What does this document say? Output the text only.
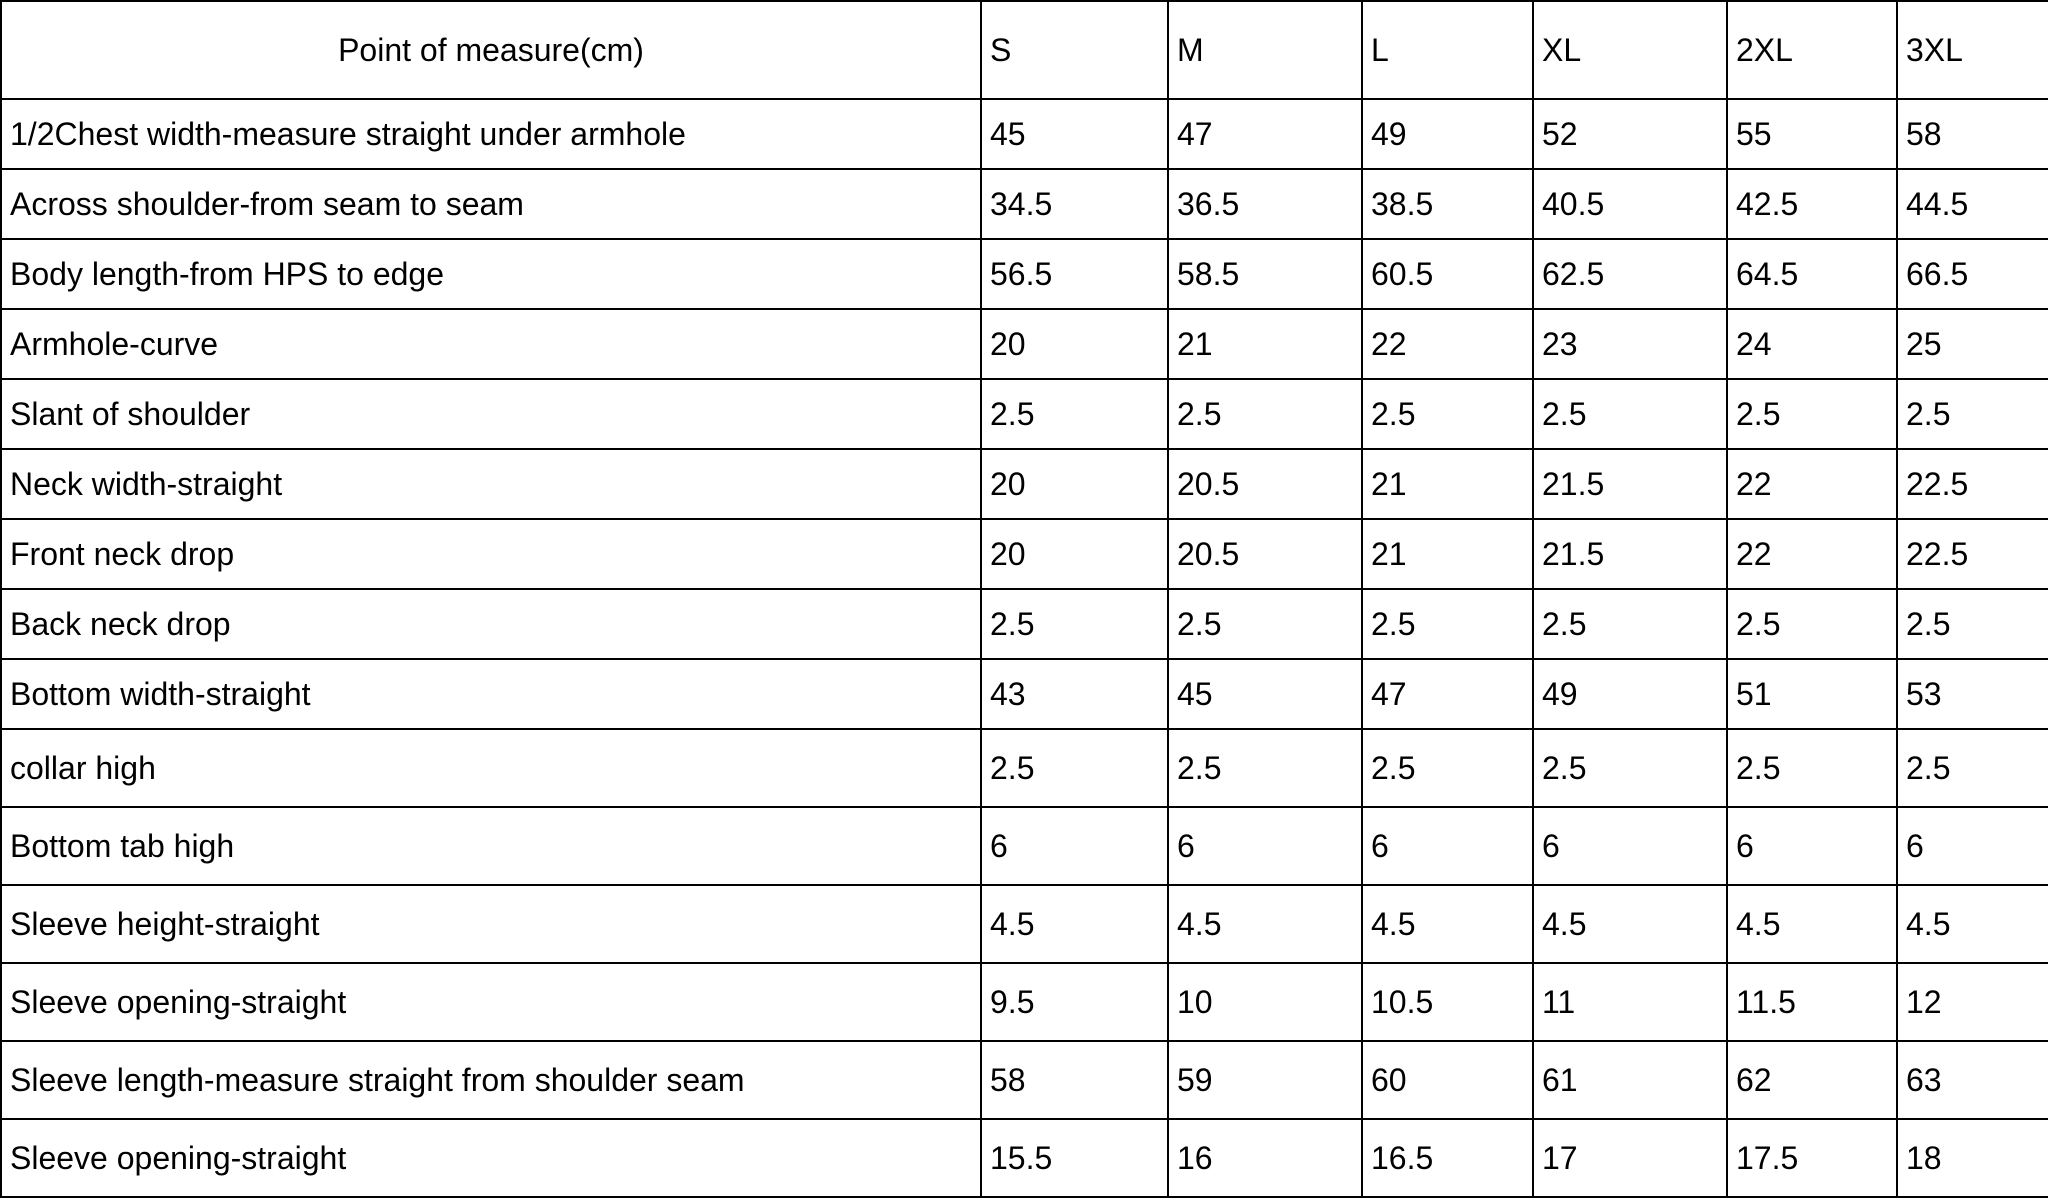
Point of measure(cm)	S	M	L	XL	2XL	3XL
1/2Chest width-measure straight under armhole	45	47	49	52	55	58
Across shoulder-from seam to seam	34.5	36.5	38.5	40.5	42.5	44.5
Body length-from HPS to edge	56.5	58.5	60.5	62.5	64.5	66.5
Armhole-curve	20	21	22	23	24	25
Slant of shoulder	2.5	2.5	2.5	2.5	2.5	2.5
Neck width-straight	20	20.5	21	21.5	22	22.5
Front neck drop	20	20.5	21	21.5	22	22.5
Back neck drop	2.5	2.5	2.5	2.5	2.5	2.5
Bottom width-straight	43	45	47	49	51	53
collar high	2.5	2.5	2.5	2.5	2.5	2.5
Bottom tab high	6	6	6	6	6	6
Sleeve height-straight	4.5	4.5	4.5	4.5	4.5	4.5
Sleeve opening-straight	9.5	10	10.5	11	11.5	12
Sleeve length-measure straight from shoulder seam	58	59	60	61	62	63
Sleeve opening-straight	15.5	16	16.5	17	17.5	18
